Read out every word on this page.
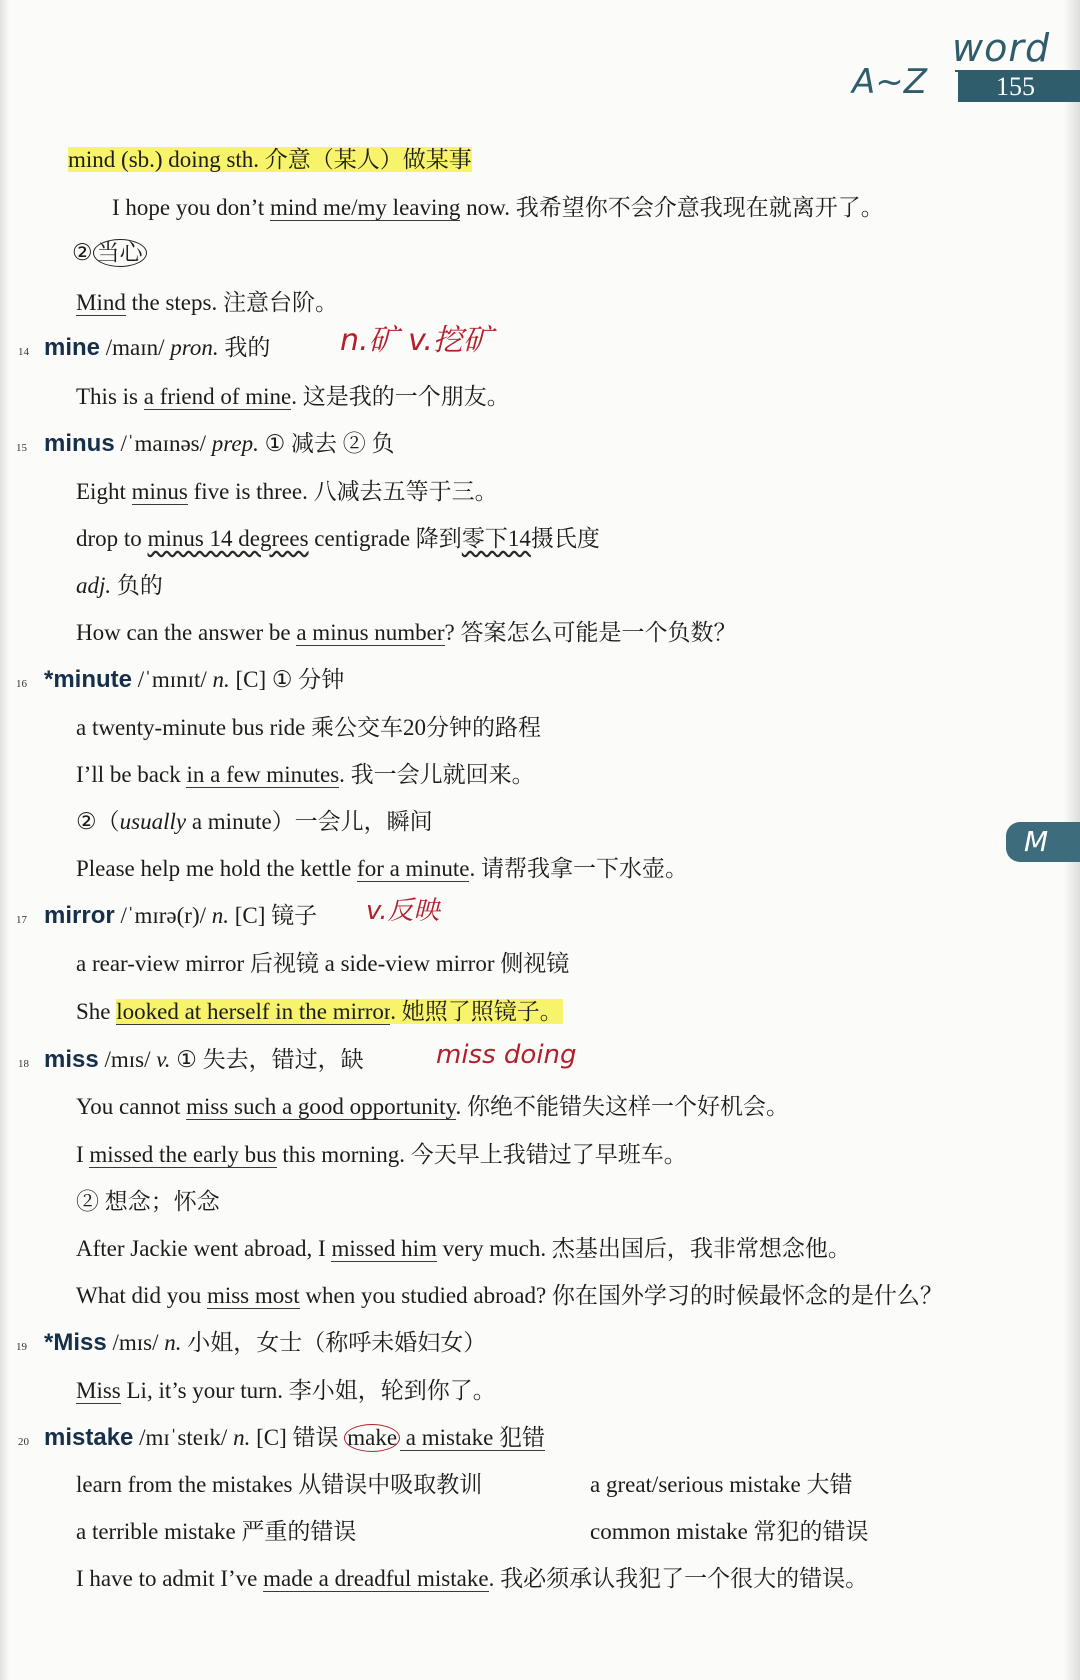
word
A~Z	155
M
mind (sb.) doing sth. 介意（某人）做某事
I hope you don’t mind me/my leaving now. 我希望你不会介意我现在就离开了。
② 当心
Mind the steps. 注意台阶。
14 mine /maɪn/ pron. 我的 n.矿 v.挖矿
This is a friend of mine. 这是我的一个朋友。
15 minus /ˈmaɪnəs/ prep. ① 减去 ② 负
Eight minus five is three. 八减去五等于三。
drop to minus 14 degrees centigrade 降到零下14摄氏度
adj. 负的
How can the answer be a minus number? 答案怎么可能是一个负数？
16 *minute /ˈmɪnɪt/ n. [C] ① 分钟
a twenty-minute bus ride 乘公交车20分钟的路程
I’ll be back in a few minutes. 我一会儿就回来。
②（usually a minute）一会儿，瞬间
Please help me hold the kettle for a minute. 请帮我拿一下水壶。
17 mirror /ˈmɪrə(r)/ n. [C] 镜子 v.反映
a rear-view mirror 后视镜 a side-view mirror 侧视镜
She looked at herself in the mirror. 她照了照镜子。
18 miss /mɪs/ v. ① 失去，错过，缺	miss doing
You cannot miss such a good opportunity. 你绝不能错失这样一个好机会。
I missed the early bus this morning. 今天早上我错过了早班车。
② 想念；怀念
After Jackie went abroad, I missed him very much. 杰基出国后，我非常想念他。
What did you miss most when you studied abroad? 你在国外学习的时候最怀念的是什么？
19 *Miss /mɪs/ n. 小姐，女士（称呼未婚妇女）
Miss Li, it’s your turn. 李小姐，轮到你了。
20 mistake /mɪˈsteɪk/ n. [C] 错误 make a mistake 犯错
learn from the mistakes 从错误中吸取教训	a great/serious mistake 大错
a terrible mistake 严重的错误	common mistake 常犯的错误
I have to admit I’ve made a dreadful mistake. 我必须承认我犯了一个很大的错误。
